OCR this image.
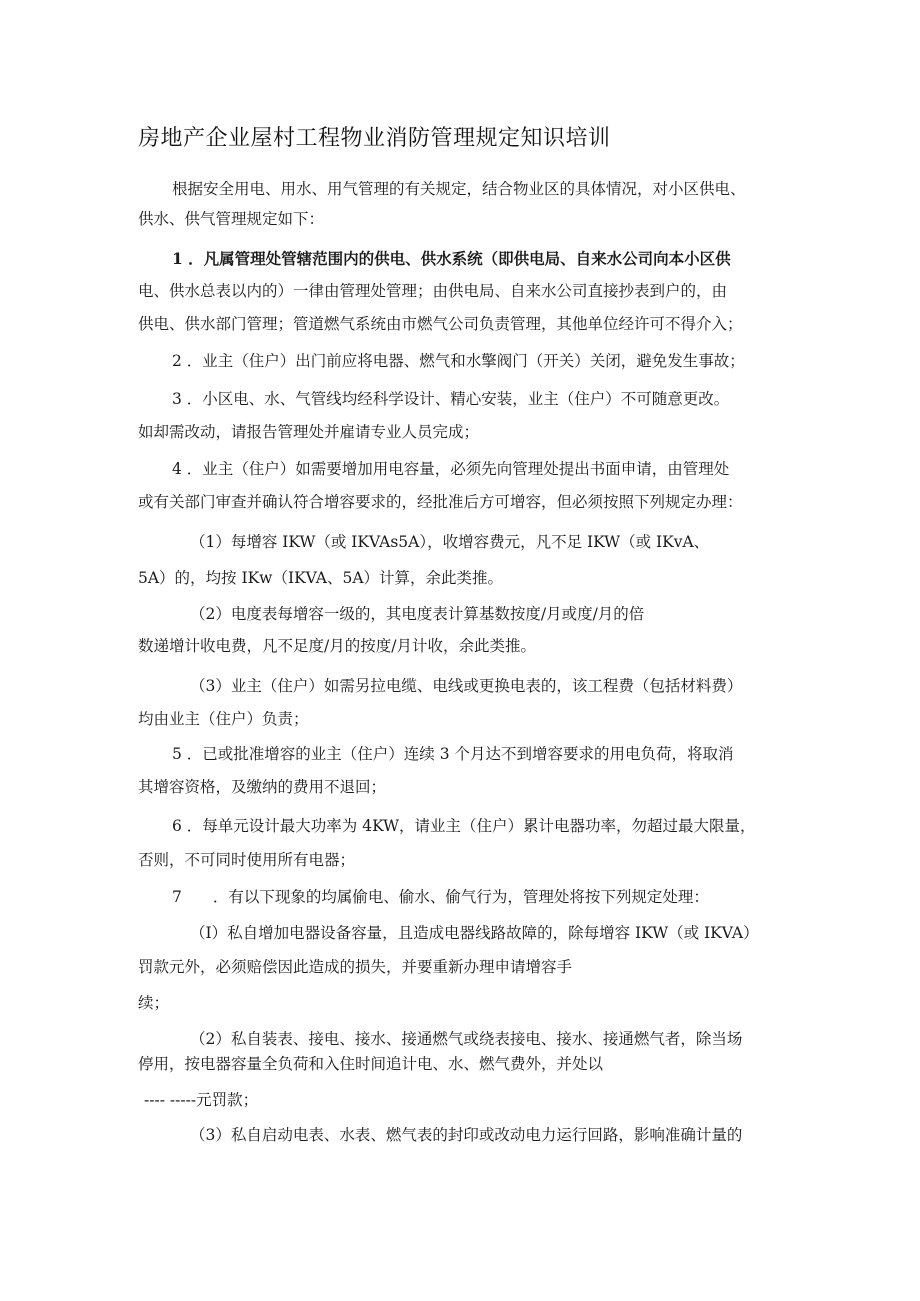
房地产企业屋村工程物业消防管理规定知识培训
根据安全用电、用水、用气管理的有关规定，结合物业区的具体情况，对小区供电、
供水、供气管理规定如下：
1 ．凡属管理处管辖范围内的供电、供水系统（即供电局、自来水公司向本小区供
电、供水总表以内的）一律由管理处管理；由供电局、自来水公司直接抄表到户的，由
供电、供水部门管理；管道燃气系统由市燃气公司负责管理，其他单位经许可不得介入；
2 ．业主（住户）出门前应将电器、燃气和水擎阀门（开关）关闭，避免发生事故；
3 ．小区电、水、气管线均经科学设计、精心安装，业主（住户）不可随意更改。
如却需改动，请报告管理处并雇请专业人员完成；
4 ．业主（住户）如需要增加用电容量，必须先向管理处提出书面申请，由管理处
或有关部门审查并确认符合增容要求的，经批准后方可增容，但必须按照下列规定办理：
（1）每增容 IKW（或 IKVAs5A），收增容费元，凡不足 IKW（或 IKvA、
5A）的，均按 IKw（IKVA、5A）计算，余此类推。
（2）电度表每增容一级的，其电度表计算基数按度/月或度/月的倍
数递增计收电费，凡不足度/月的按度/月计收，余此类推。
（3）业主（住户）如需另拉电缆、电线或更换电表的，该工程费（包括材料费）
均由业主（住户）负责；
5 ．已或批准增容的业主（住户）连续 3 个月达不到增容要求的用电负荷，将取消
其增容资格，及缴纳的费用不退回；
6 ．每单元设计最大功率为 4KW，请业主（住户）累计电器功率，勿超过最大限量，
否则，不可同时使用所有电器；
7　　．有以下现象的均属偷电、偷水、偷气行为，管理处将按下列规定处理：
（I）私自增加电器设备容量，且造成电器线路故障的，除每增容 IKW（或 IKVA）
罚款元外，必须赔偿因此造成的损失，并要重新办理申请增容手
续；
（2）私自装表、接电、接水、接通燃气或绕表接电、接水、接通燃气者，除当场
停用，按电器容量全负荷和入住时间追计电、水、燃气费外，并处以
---- -----元罚款；
（3）私自启动电表、水表、燃气表的封印或改动电力运行回路，影响准确计量的
